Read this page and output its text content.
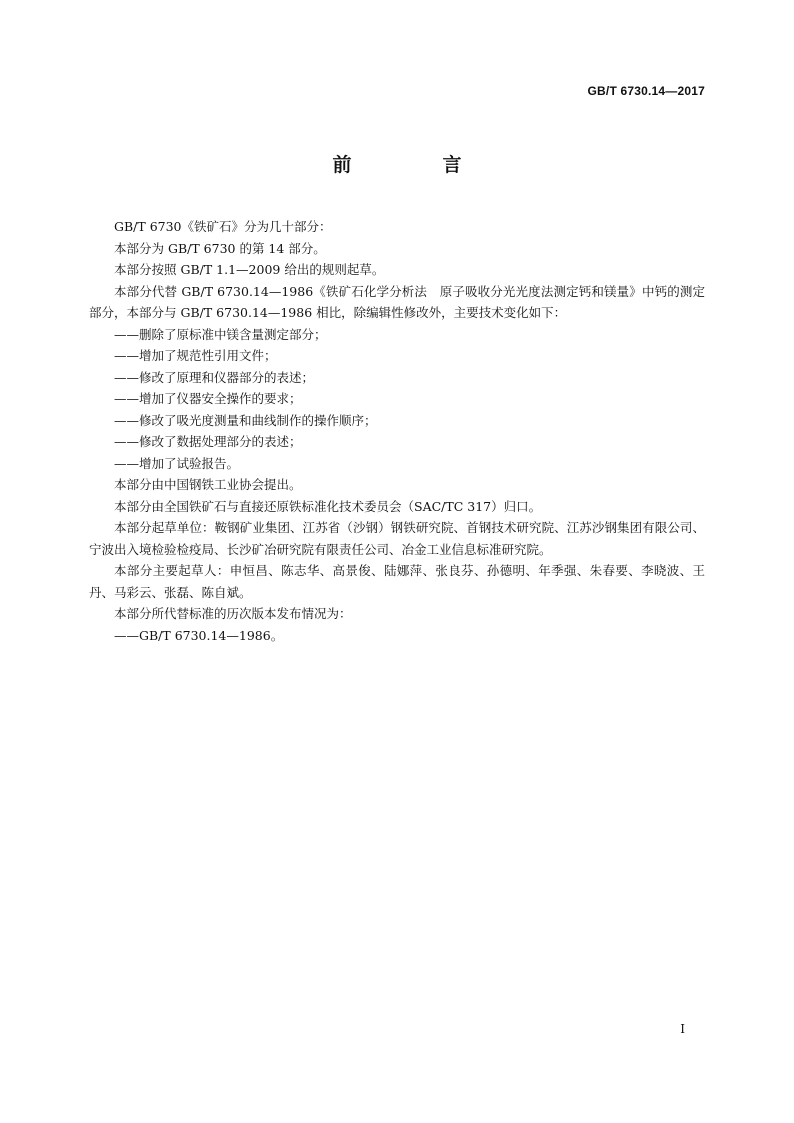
GB/T 6730.14—2017
前　言

GB/T 6730《铁矿石》分为几十部分：

本部分为 GB/T 6730 的第 14 部分。

本部分按照 GB/T 1.1—2009 给出的规则起草。

本部分代替 GB/T 6730.14—1986《铁矿石化学分析法　原子吸收分光光度法测定钙和镁量》中钙的测定部分，本部分与 GB/T 6730.14—1986 相比，除编辑性修改外，主要技术变化如下：

——删除了原标准中镁含量测定部分；

——增加了规范性引用文件；

——修改了原理和仪器部分的表述；

——增加了仪器安全操作的要求；

——修改了吸光度测量和曲线制作的操作顺序；

——修改了数据处理部分的表述；

——增加了试验报告。

本部分由中国钢铁工业协会提出。

本部分由全国铁矿石与直接还原铁标准化技术委员会（SAC/TC 317）归口。

本部分起草单位：鞍钢矿业集团、江苏省（沙钢）钢铁研究院、首钢技术研究院、江苏沙钢集团有限公司、宁波出入境检验检疫局、长沙矿冶研究院有限责任公司、冶金工业信息标准研究院。

本部分主要起草人：申恒昌、陈志华、高景俊、陆娜萍、张良芬、孙德明、年季强、朱春要、李晓波、王丹、马彩云、张磊、陈自斌。

本部分所代替标准的历次版本发布情况为：

——GB/T 6730.14—1986。

I
